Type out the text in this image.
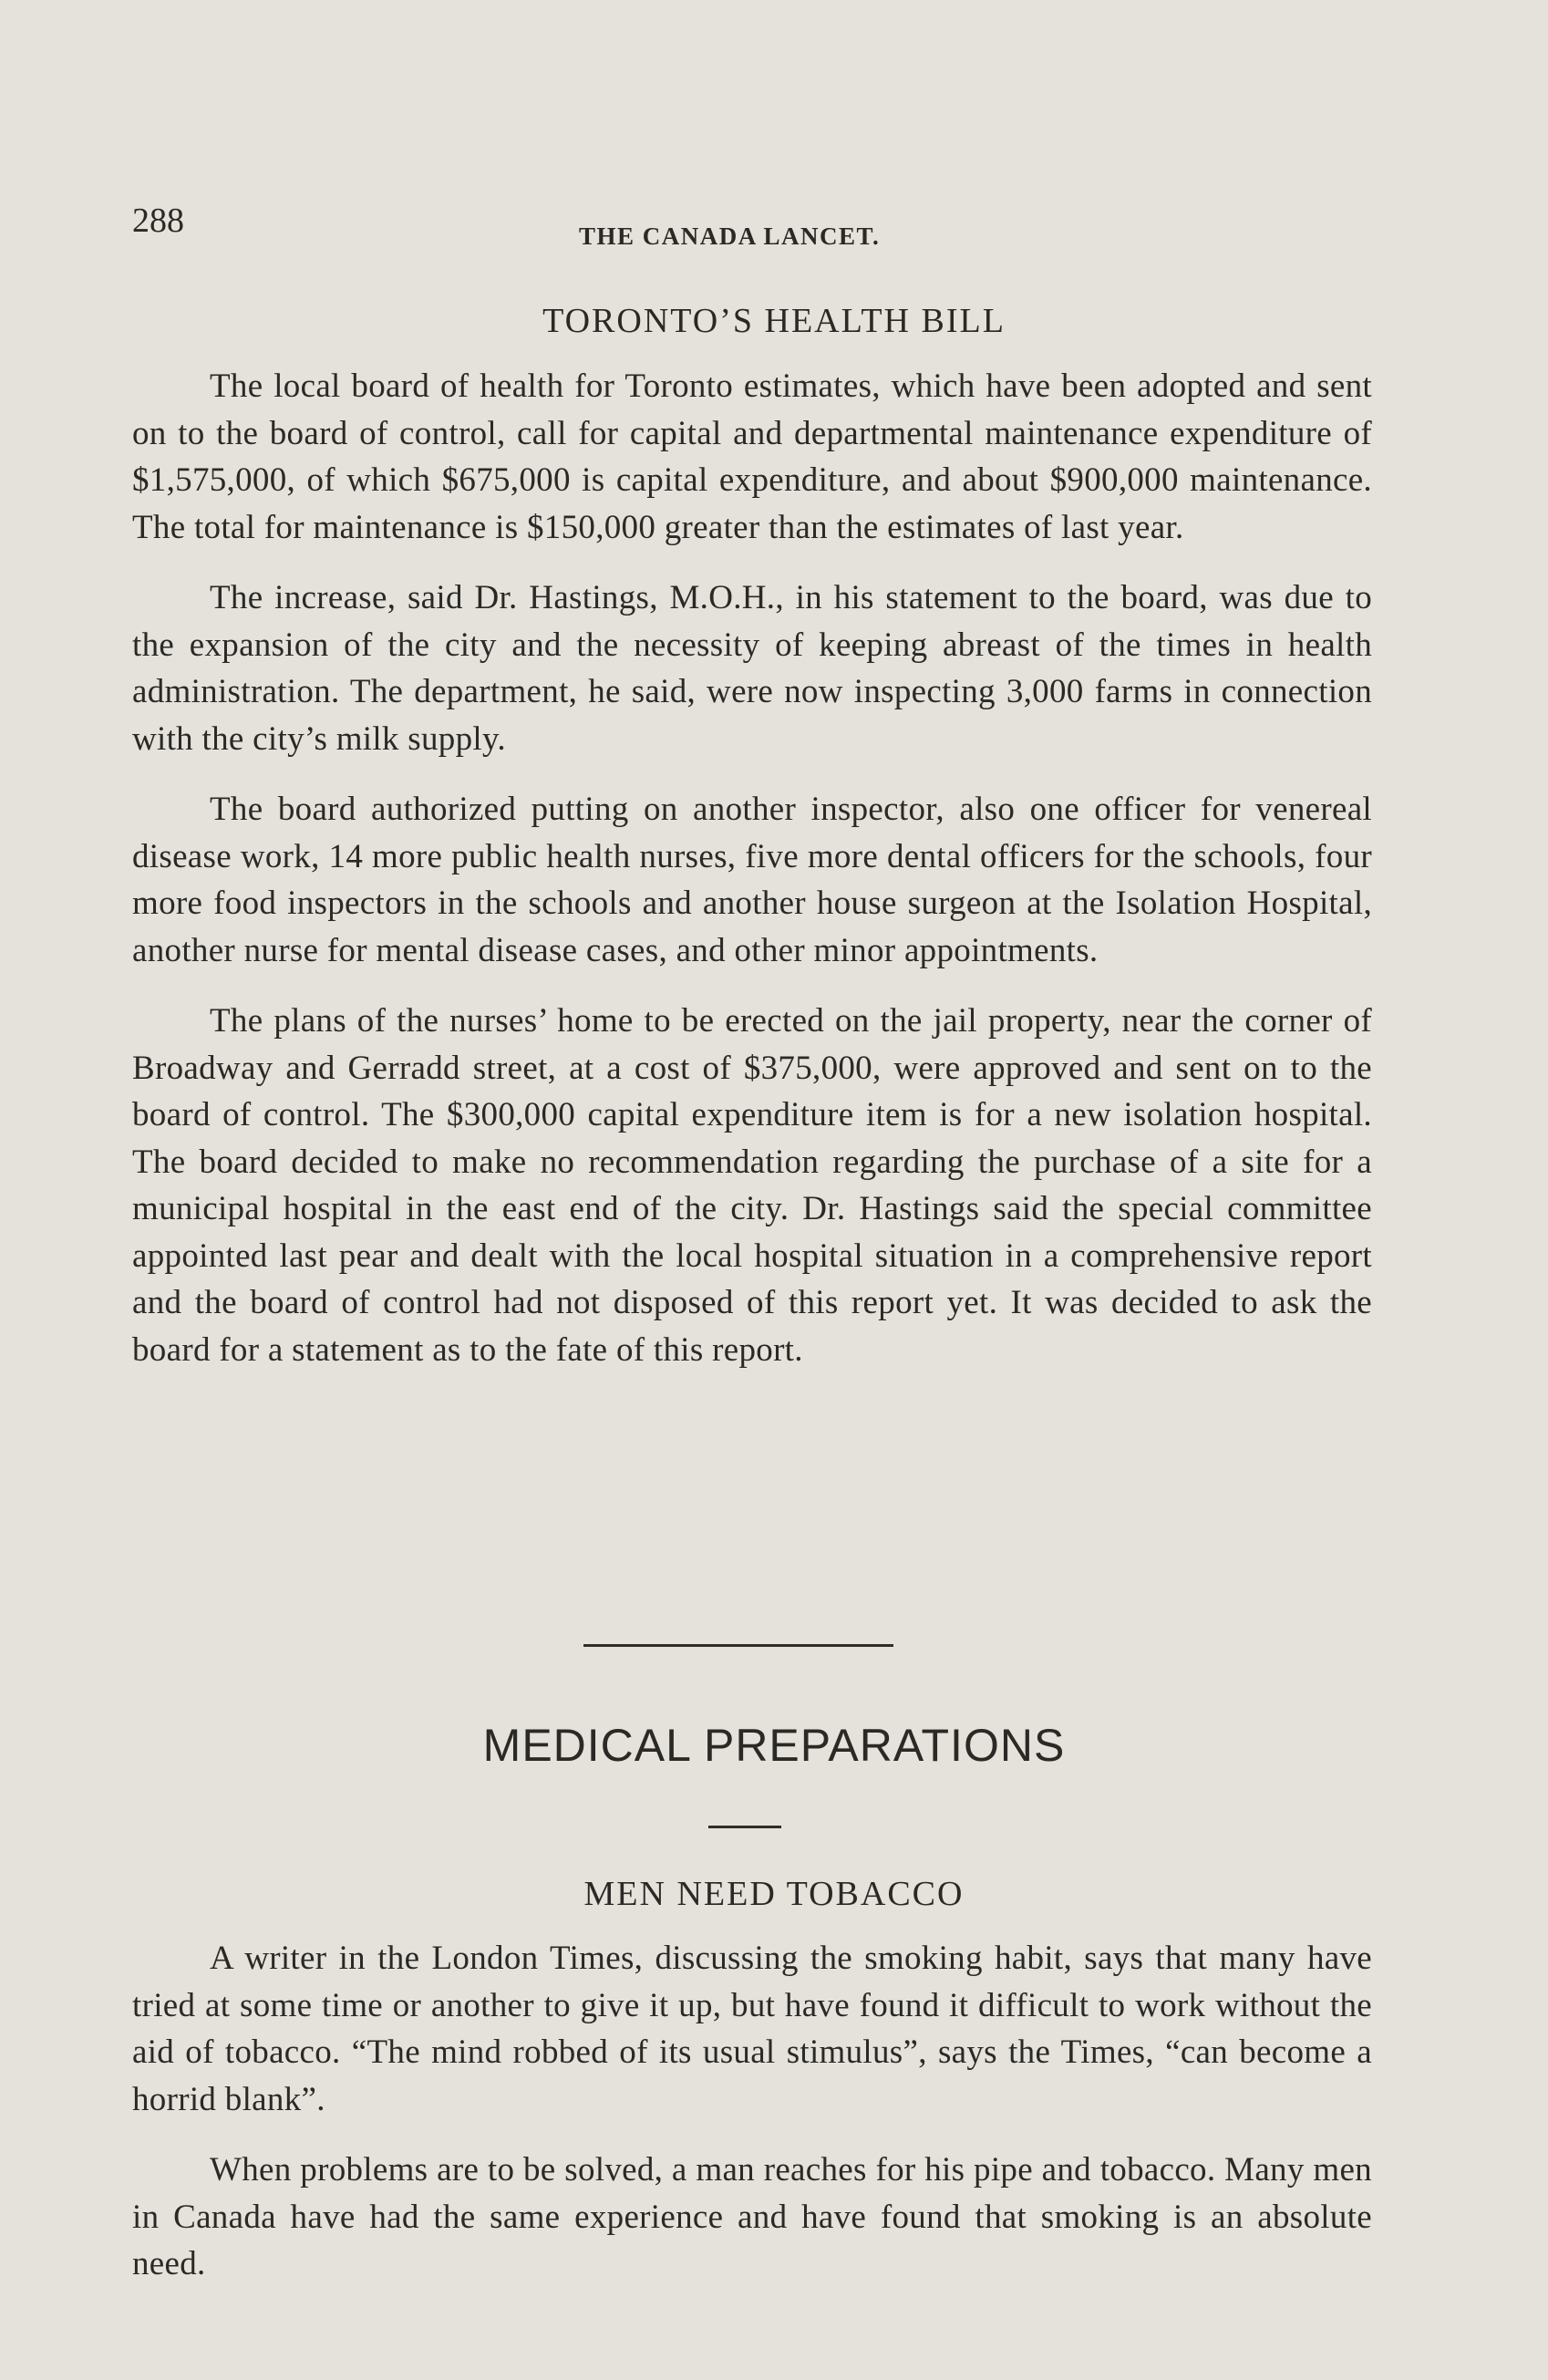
288	THE CANADA LANCET.
TORONTO’S HEALTH BILL

The local board of health for Toronto estimates, which have been adopted and sent on to the board of control, call for capital and departmental maintenance expenditure of $1,575,000, of which $675,000 is capital expenditure, and about $900,000 maintenance. The total for maintenance is $150,000 greater than the estimates of last year.

The increase, said Dr. Hastings, M.O.H., in his statement to the board, was due to the expansion of the city and the necessity of keeping abreast of the times in health administration. The department, he said, were now inspecting 3,000 farms in connection with the city’s milk supply.

The board authorized putting on another inspector, also one officer for venereal disease work, 14 more public health nurses, five more dental officers for the schools, four more food inspectors in the schools and another house surgeon at the Isolation Hospital, another nurse for mental disease cases, and other minor appointments.

The plans of the nurses’ home to be erected on the jail property, near the corner of Broadway and Gerradd street, at a cost of $375,000, were approved and sent on to the board of control. The $300,000 capital expenditure item is for a new isolation hospital. The board decided to make no recommendation regarding the purchase of a site for a municipal hospital in the east end of the city. Dr. Hastings said the special committee appointed last pear and dealt with the local hospital situation in a comprehensive report and the board of control had not disposed of this report yet. It was decided to ask the board for a statement as to the fate of this report.

MEDICAL PREPARATIONS
MEN NEED TOBACCO

A writer in the London Times, discussing the smoking habit, says that many have tried at some time or another to give it up, but have found it difficult to work without the aid of tobacco. “The mind robbed of its usual stimulus”, says the Times, “can become a horrid blank”.

When problems are to be solved, a man reaches for his pipe and tobacco. Many men in Canada have had the same experience and have found that smoking is an absolute need.
